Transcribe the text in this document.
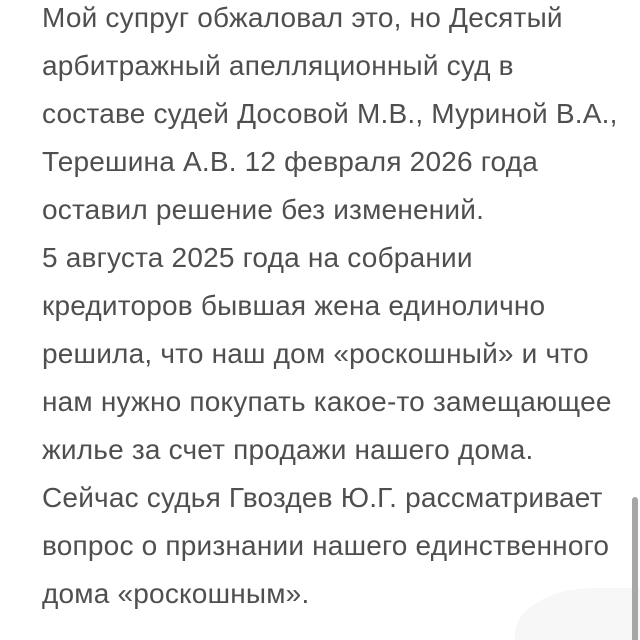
Мой супруг обжаловал это, но Десятый
арбитражный апелляционный суд в
составе судей Досовой М.В., Муриной В.А.,
Терешина А.В. 12 февраля 2026 года
оставил решение без изменений.
5 августа 2025 года на собрании
кредиторов бывшая жена единолично
решила, что наш дом «роскошный» и что
нам нужно покупать какое-то замещающее
жилье за счет продажи нашего дома.
Сейчас судья Гвоздев Ю.Г. рассматривает
вопрос о признании нашего единственного
дома «роскошным».
